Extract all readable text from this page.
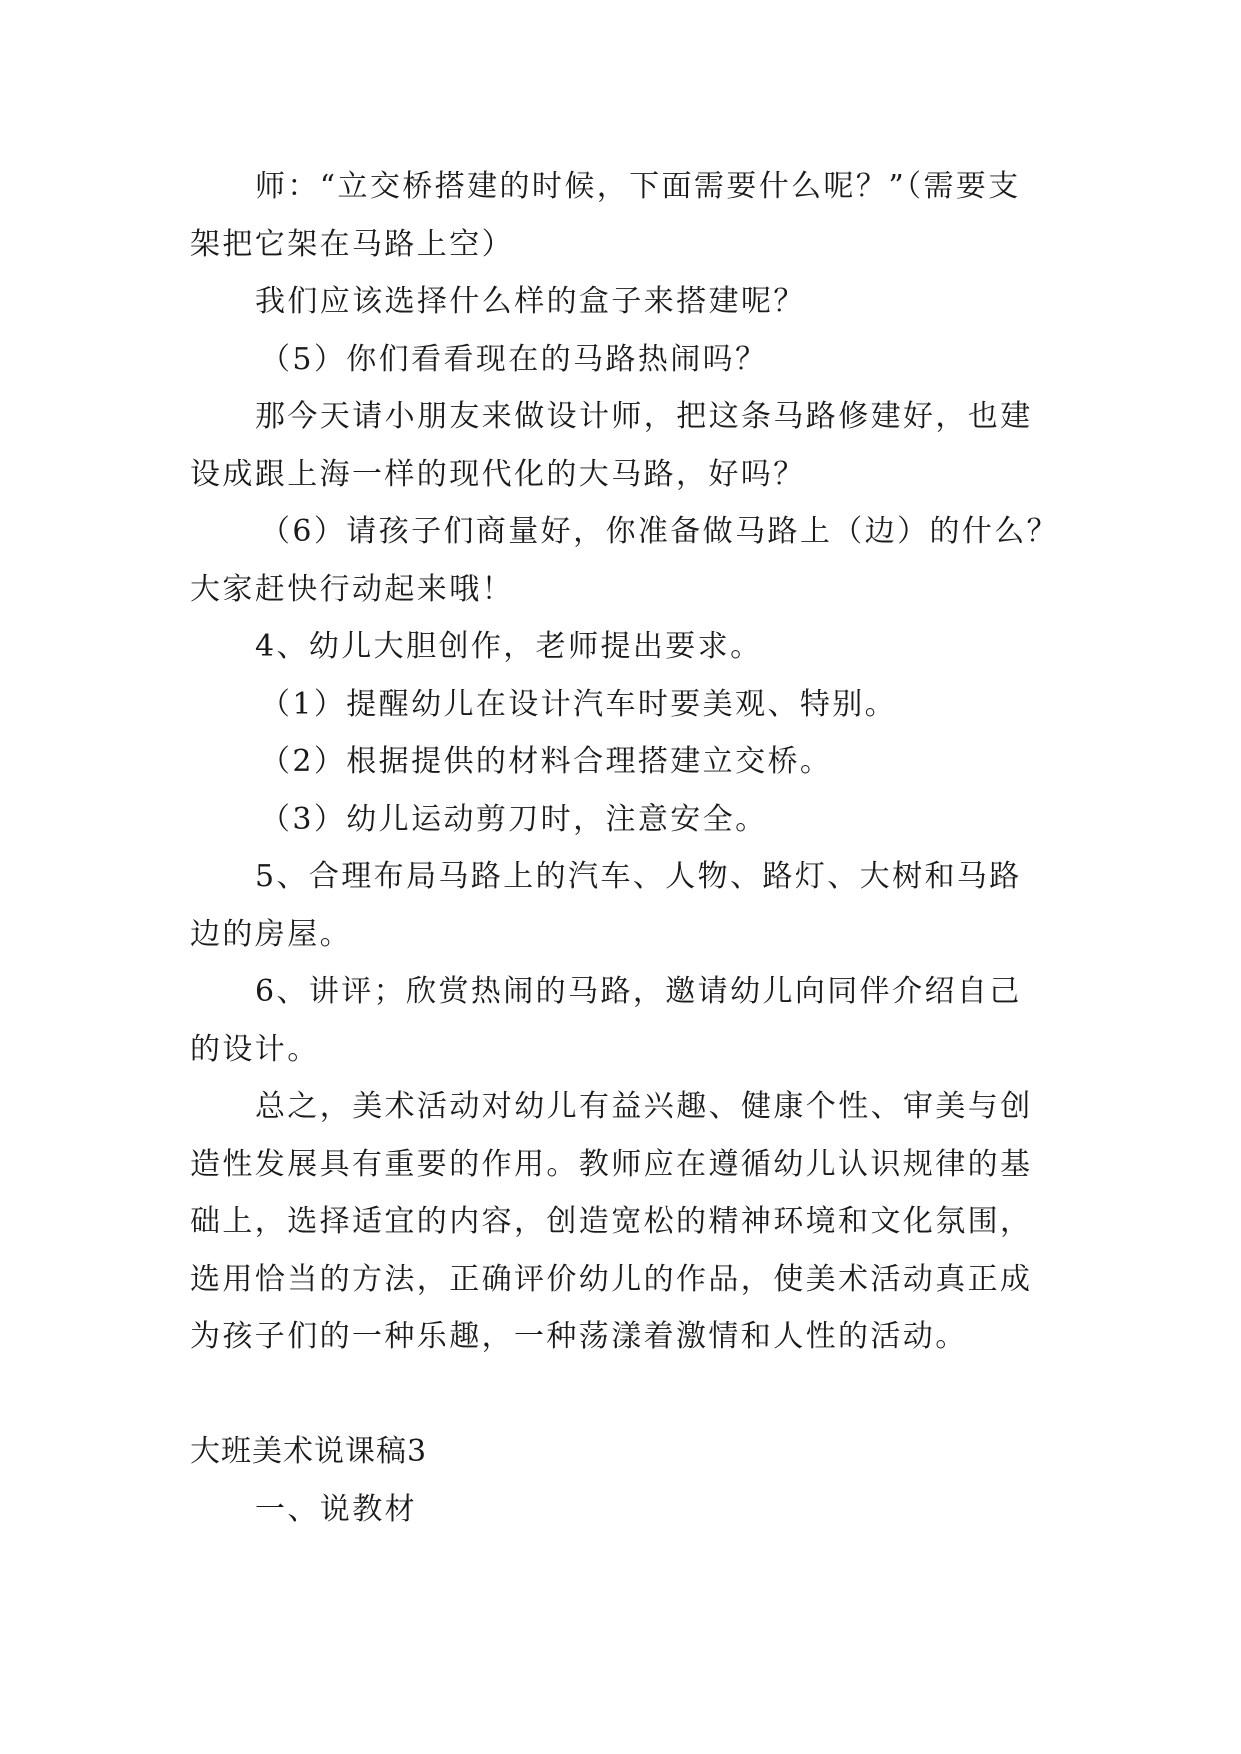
师：“立交桥搭建的时候，下面需要什么呢？”（需要支
架把它架在马路上空）
我们应该选择什么样的盒子来搭建呢？
（5）你们看看现在的马路热闹吗？
那今天请小朋友来做设计师，把这条马路修建好，也建
设成跟上海一样的现代化的大马路，好吗？
（6）请孩子们商量好，你准备做马路上（边）的什么？
大家赶快行动起来哦！
4、幼儿大胆创作，老师提出要求。
（1）提醒幼儿在设计汽车时要美观、特别。
（2）根据提供的材料合理搭建立交桥。
（3）幼儿运动剪刀时，注意安全。
5、合理布局马路上的汽车、人物、路灯、大树和马路
边的房屋。
6、讲评；欣赏热闹的马路，邀请幼儿向同伴介绍自己
的设计。
总之，美术活动对幼儿有益兴趣、健康个性、审美与创
造性发展具有重要的作用。教师应在遵循幼儿认识规律的基
础上，选择适宜的内容，创造宽松的精神环境和文化氛围，
选用恰当的方法，正确评价幼儿的作品，使美术活动真正成
为孩子们的一种乐趣，一种荡漾着激情和人性的活动。
大班美术说课稿3
一、说教材
